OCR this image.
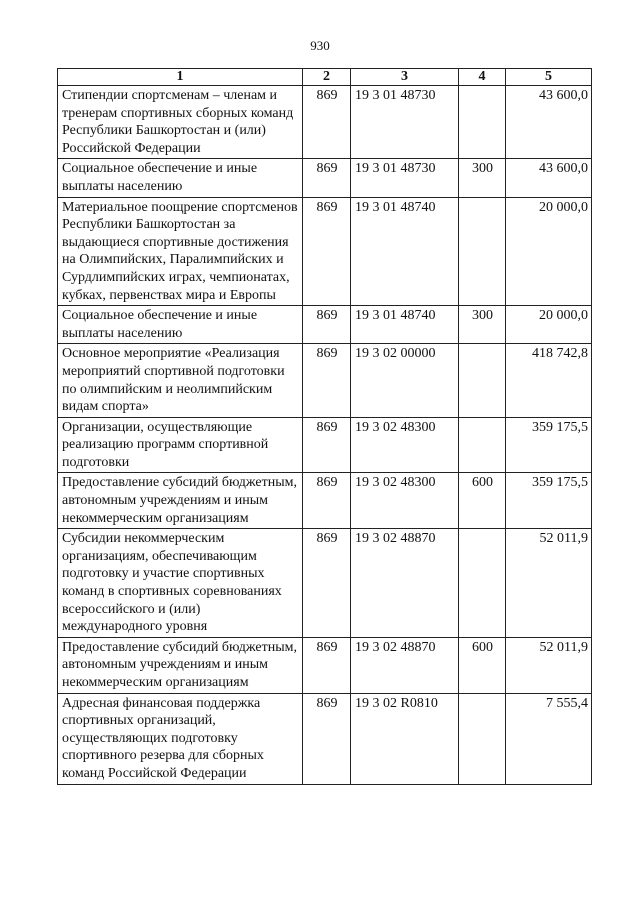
930
1	2	3	4	5
Стипендии спортсменам – членам и тренерам спортивных сборных команд Республики Башкортостан и (или) Российской Федерации	869	19 3 01 48730		43 600,0
Социальное обеспечение и иные выплаты населению	869	19 3 01 48730	300	43 600,0
Материальное поощрение спортсменов Республики Башкортостан за выдающиеся спортивные достижения на Олимпийских, Паралимпийских и Сурдлимпийских играх, чемпионатах, кубках, первенствах мира и Европы	869	19 3 01 48740		20 000,0
Социальное обеспечение и иные выплаты населению	869	19 3 01 48740	300	20 000,0
Основное мероприятие «Реализация мероприятий спортивной подготовки по олимпийским и неолимпийским видам спорта»	869	19 3 02 00000		418 742,8
Организации, осуществляющие реализацию программ спортивной подготовки	869	19 3 02 48300		359 175,5
Предоставление субсидий бюджетным, автономным учреждениям и иным некоммерческим организациям	869	19 3 02 48300	600	359 175,5
Субсидии некоммерческим организациям, обеспечивающим подготовку и участие спортивных команд в спортивных соревнованиях всероссийского и (или) международного уровня	869	19 3 02 48870		52 011,9
Предоставление субсидий бюджетным, автономным учреждениям и иным некоммерческим организациям	869	19 3 02 48870	600	52 011,9
Адресная финансовая поддержка спортивных организаций, осуществляющих подготовку спортивного резерва для сборных команд Российской Федерации	869	19 3 02 R0810		7 555,4
